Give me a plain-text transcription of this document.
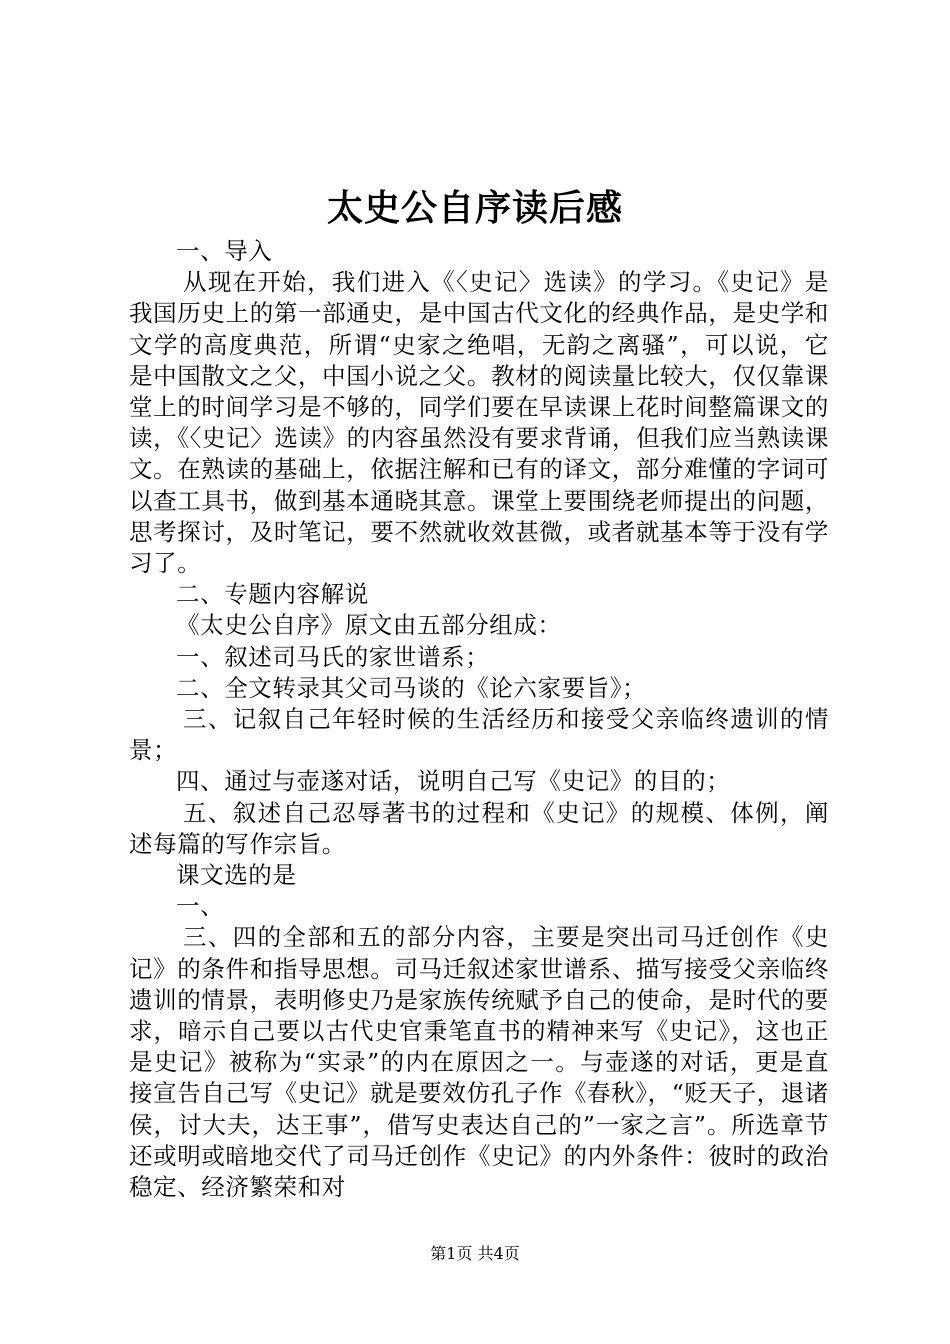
太史公自序读后感

一、导入

从现在开始，我们进入《〈史记〉选读》的学习。《史记》是我国历史上的第一部通史，是中国古代文化的经典作品，是史学和文学的高度典范，所谓“史家之绝唱，无韵之离骚”，可以说，它是中国散文之父，中国小说之父。教材的阅读量比较大，仅仅靠课堂上的时间学习是不够的，同学们要在早读课上花时间整篇课文的读，《〈史记〉选读》的内容虽然没有要求背诵，但我们应当熟读课文。在熟读的基础上，依据注解和已有的译文，部分难懂的字词可以查工具书，做到基本通晓其意。课堂上要围绕老师提出的问题，思考探讨，及时笔记，要不然就收效甚微，或者就基本等于没有学习了。

二、专题内容解说

《太史公自序》原文由五部分组成：

一、叙述司马氏的家世谱系；

二、全文转录其父司马谈的《论六家要旨》；

三、记叙自己年轻时候的生活经历和接受父亲临终遗训的情景；

四、通过与壶遂对话，说明自己写《史记》的目的；

五、叙述自己忍辱著书的过程和《史记》的规模、体例，阐述每篇的写作宗旨。

课文选的是

一、

三、四的全部和五的部分内容，主要是突出司马迁创作《史记》的条件和指导思想。司马迁叙述家世谱系、描写接受父亲临终遗训的情景，表明修史乃是家族传统赋予自己的使命，是时代的要求，暗示自己要以古代史官秉笔直书的精神来写《史记》，这也正是史记》被称为“实录”的内在原因之一。与壶遂的对话，更是直接宣告自己写《史记》就是要效仿孔子作《春秋》，“贬天子，退诸侯，讨大夫，达王事”，借写史表达自己的”一家之言”。所选章节还或明或暗地交代了司马迁创作《史记》的内外条件：彼时的政治稳定、经济繁荣和对

第1页 共4页
